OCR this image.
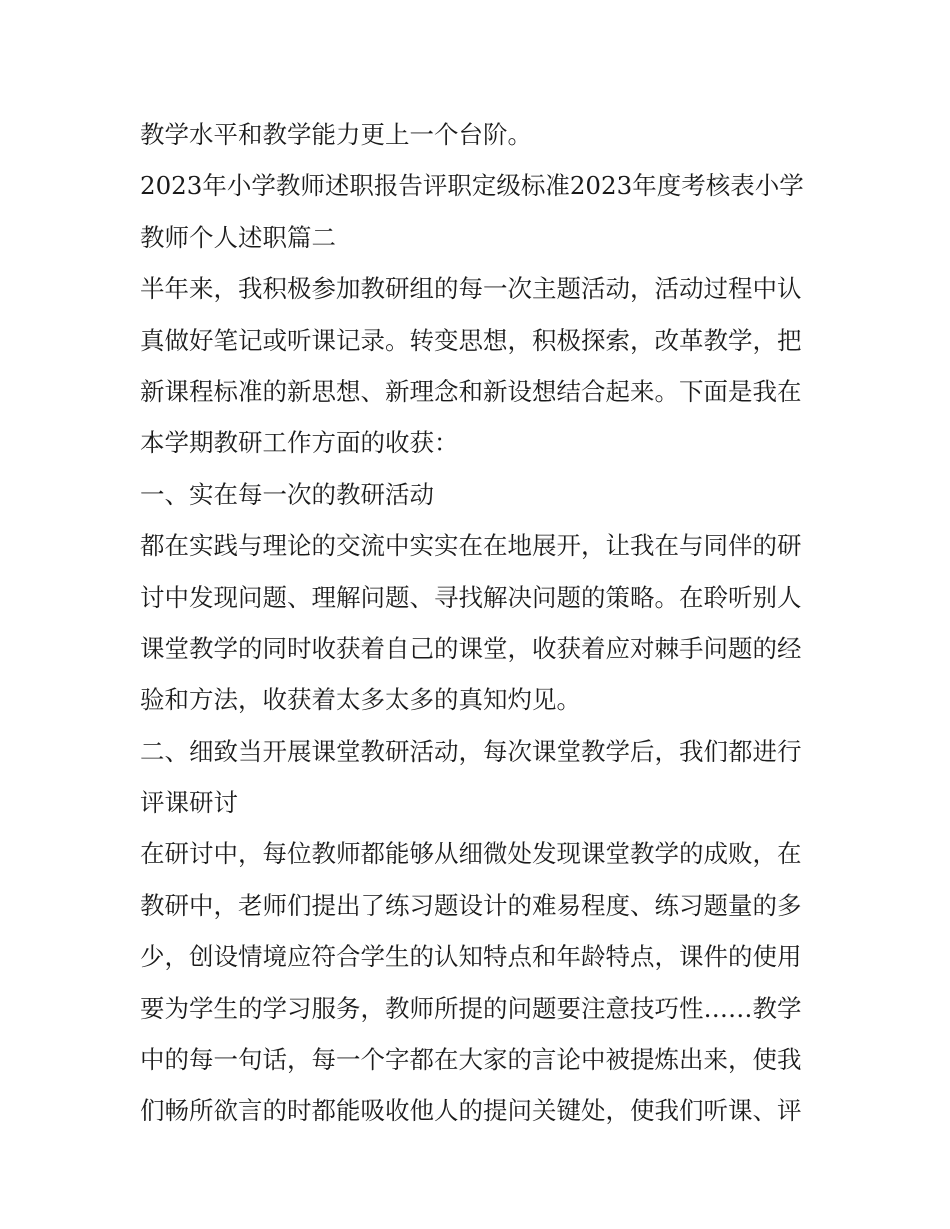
教学水平和教学能力更上一个台阶。
2023年小学教师述职报告评职定级标准2023年度考核表小学
教师个人述职篇二
半年来，我积极参加教研组的每一次主题活动，活动过程中认
真做好笔记或听课记录。转变思想，积极探索，改革教学，把
新课程标准的新思想、新理念和新设想结合起来。下面是我在
本学期教研工作方面的收获：
一、实在每一次的教研活动
都在实践与理论的交流中实实在在地展开，让我在与同伴的研
讨中发现问题、理解问题、寻找解决问题的策略。在聆听别人
课堂教学的同时收获着自己的课堂，收获着应对棘手问题的经
验和方法，收获着太多太多的真知灼见。
二、细致当开展课堂教研活动，每次课堂教学后，我们都进行
评课研讨
在研讨中，每位教师都能够从细微处发现课堂教学的成败，在
教研中，老师们提出了练习题设计的难易程度、练习题量的多
少，创设情境应符合学生的认知特点和年龄特点，课件的使用
要为学生的学习服务，教师所提的问题要注意技巧性……教学
中的每一句话，每一个字都在大家的言论中被提炼出来，使我
们畅所欲言的时都能吸收他人的提问关键处，使我们听课、评
